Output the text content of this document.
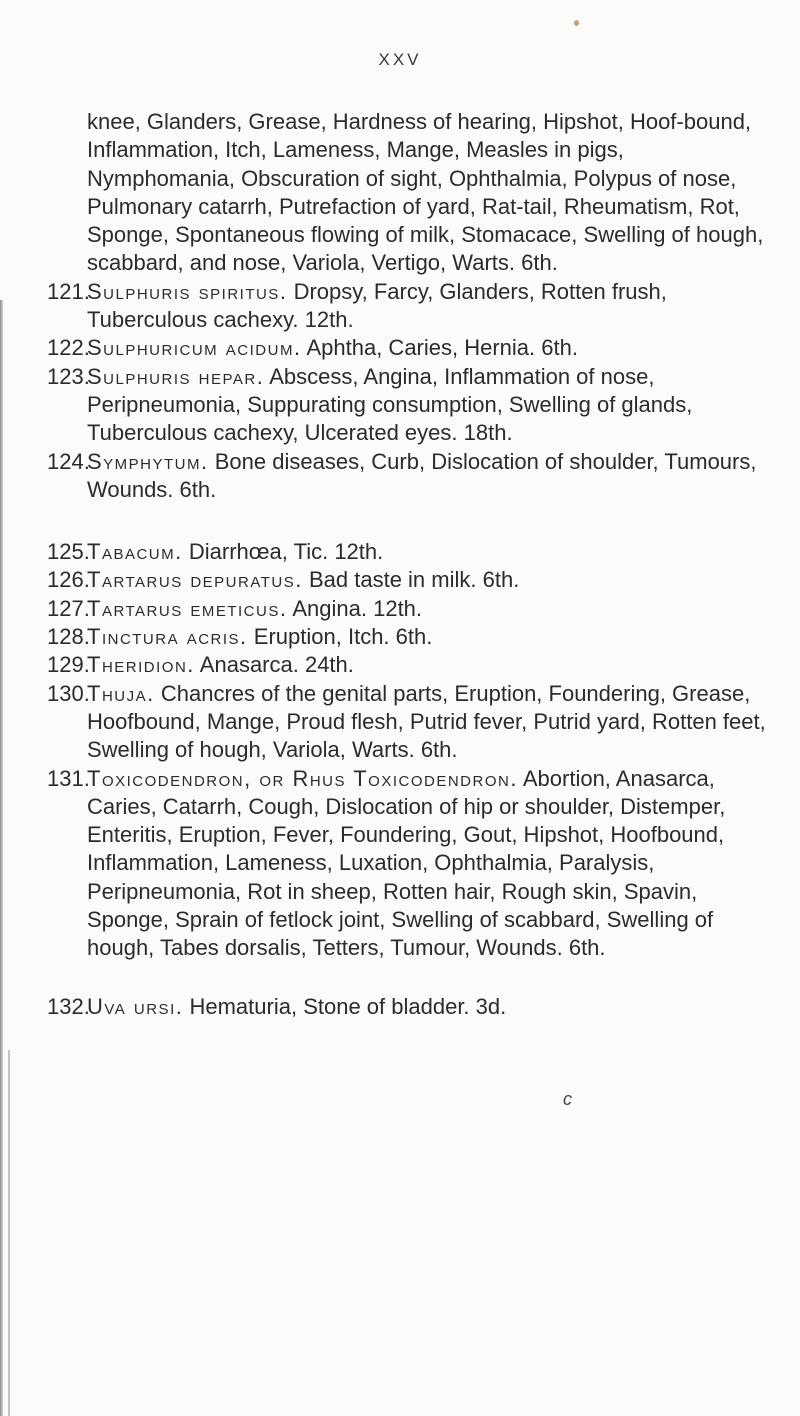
XXV
knee, Glanders, Grease, Hardness of hearing, Hipshot, Hoof-bound, Inflammation, Itch, Lameness, Mange, Measles in pigs, Nymphomania, Obscuration of sight, Ophthalmia, Polypus of nose, Pulmonary catarrh, Putrefaction of yard, Rat-tail, Rheumatism, Rot, Sponge, Spontaneous flowing of milk, Stomacace, Swelling of hough, scabbard, and nose, Variola, Vertigo, Warts. 6th.
121.
Sulphuris spiritus. Dropsy, Farcy, Glanders, Rotten frush, Tuberculous cachexy. 12th.
122.
Sulphuricum acidum. Aphtha, Caries, Hernia. 6th.
123.
Sulphuris hepar. Abscess, Angina, Inflammation of nose, Peripneumonia, Suppurating consumption, Swelling of glands, Tuberculous cachexy, Ulcerated eyes. 18th.
124.
Symphytum. Bone diseases, Curb, Dislocation of shoulder, Tumours, Wounds. 6th.
125.
Tabacum. Diarrhœa, Tic. 12th.
126.
Tartarus depuratus. Bad taste in milk. 6th.
127.
Tartarus emeticus. Angina. 12th.
128.
Tinctura acris. Eruption, Itch. 6th.
129.
Theridion. Anasarca. 24th.
130.
Thuja. Chancres of the genital parts, Eruption, Foundering, Grease, Hoofbound, Mange, Proud flesh, Putrid fever, Putrid yard, Rotten feet, Swelling of hough, Variola, Warts. 6th.
131.
Toxicodendron, or Rhus Toxicodendron. Abortion, Anasarca, Caries, Catarrh, Cough, Dislocation of hip or shoulder, Distemper, Enteritis, Eruption, Fever, Foundering, Gout, Hipshot, Hoofbound, Inflammation, Lameness, Luxation, Ophthalmia, Paralysis, Peripneumonia, Rot in sheep, Rotten hair, Rough skin, Spavin, Sponge, Sprain of fetlock joint, Swelling of scabbard, Swelling of hough, Tabes dorsalis, Tetters, Tumour, Wounds. 6th.
132.
Uva ursi. Hematuria, Stone of bladder. 3d.
c
